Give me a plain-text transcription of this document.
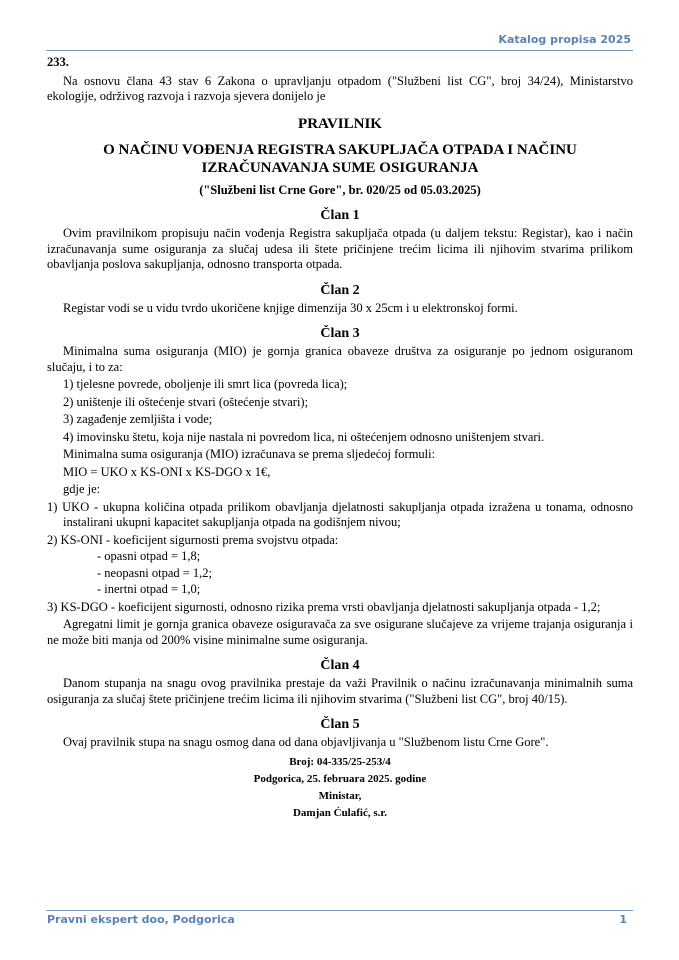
Katalog propisa 2025

233.

Na osnovu člana 43 stav 6 Zakona o upravljanju otpadom ("Službeni list CG", broj 34/24), Ministarstvo ekologije, održivog razvoja i razvoja sjevera donijelo je

PRAVILNIK

O NAČINU VOĐENJA REGISTRA SAKUPLJAČA OTPADA I NAČINU IZRAČUNAVANJA SUME OSIGURANJA

("Službeni list Crne Gore", br. 020/25 od 05.03.2025)

Član 1

Ovim pravilnikom propisuju način vođenja Registra sakupljača otpada (u daljem tekstu: Registar), kao i način izračunavanja sume osiguranja za slučaj udesa ili štete pričinjene trećim licima ili njihovim stvarima prilikom obavljanja poslova sakupljanja, odnosno transporta otpada.

Član 2

Registar vodi se u vidu tvrdo ukoričene knjige dimenzija 30 x 25cm i u elektronskoj formi.

Član 3

Minimalna suma osiguranja (MIO) je gornja granica obaveze društva za osiguranje po jednom osiguranom slučaju, i to za:

1) tjelesne povrede, oboljenje ili smrt lica (povreda lica);

2) uništenje ili oštećenje stvari (oštećenje stvari);

3) zagađenje zemljišta i vode;

4) imovinsku štetu, koja nije nastala ni povredom lica, ni oštećenjem odnosno uništenjem stvari.

Minimalna suma osiguranja (MIO) izračunava se prema sljedećoj formuli:

MIO = UKO x KS-ONI x KS-DGO x 1€,

gdje je:

1) UKO - ukupna količina otpada prilikom obavljanja djelatnosti sakupljanja otpada izražena u tonama, odnosno instalirani ukupni kapacitet sakupljanja otpada na godišnjem nivou;

2) KS-ONI - koeficijent sigurnosti prema svojstvu otpada:

- opasni otpad = 1,8;

- neopasni otpad = 1,2;

- inertni otpad = 1,0;

3) KS-DGO - koeficijent sigurnosti, odnosno rizika prema vrsti obavljanja djelatnosti sakupljanja otpada - 1,2;

Agregatni limit je gornja granica obaveze osiguravača za sve osigurane slučajeve za vrijeme trajanja osiguranja i ne može biti manja od 200% visine minimalne sume osiguranja.

Član 4

Danom stupanja na snagu ovog pravilnika prestaje da važi Pravilnik o načinu izračunavanja minimalnih suma osiguranja za slučaj štete pričinjene trećim licima ili njihovim stvarima ("Službeni list CG", broj 40/15).

Član 5

Ovaj pravilnik stupa na snagu osmog dana od dana objavljivanja u "Službenom listu Crne Gore".

Broj: 04-335/25-253/4

Podgorica, 25. februara 2025. godine

Ministar,

Damjan Ćulafić, s.r.

Pravni ekspert doo, Podgorica	1
